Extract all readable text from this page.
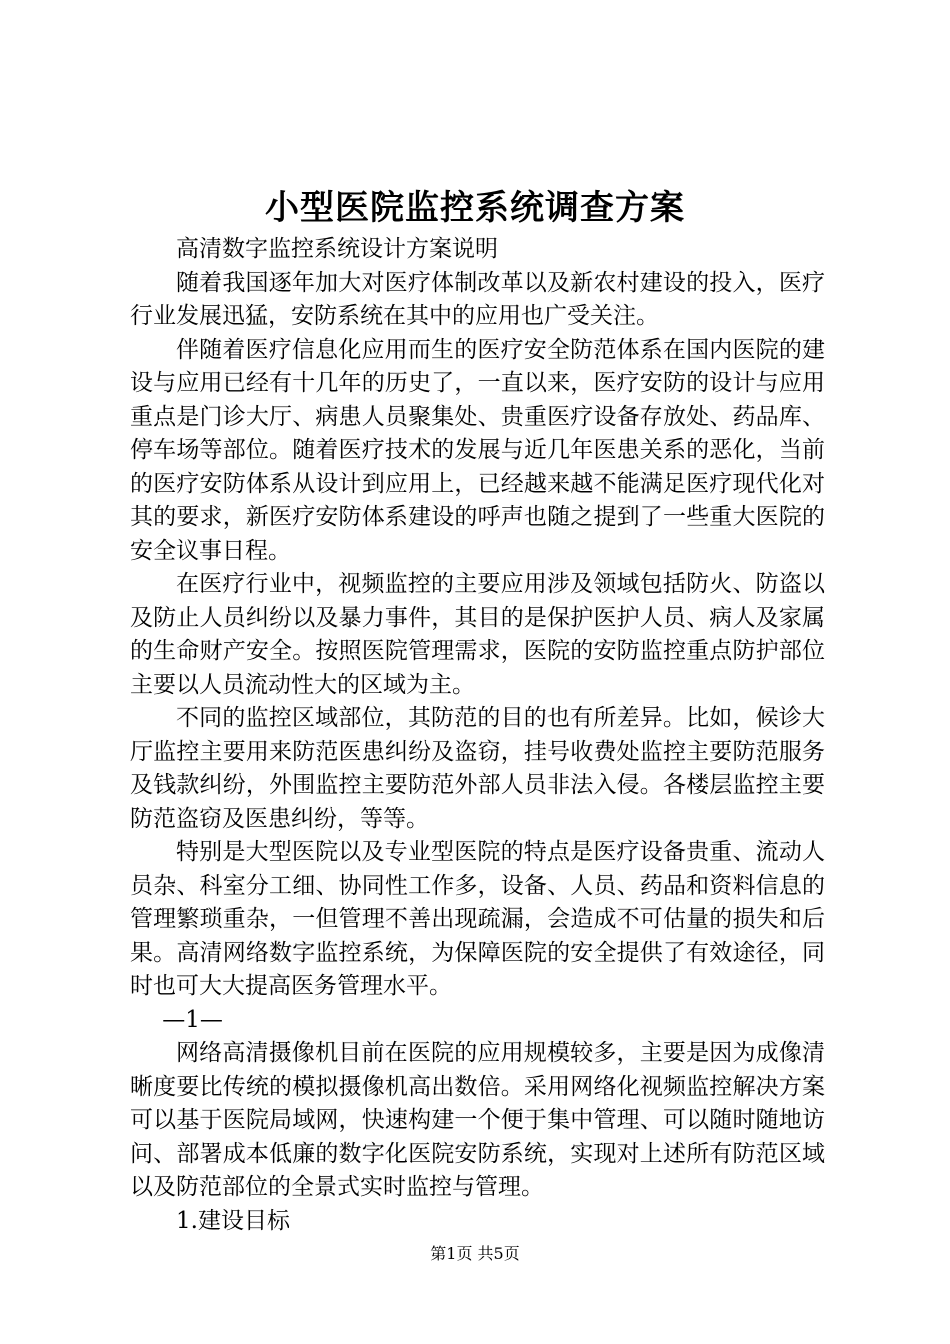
小型医院监控系统调查方案

高清数字监控系统设计方案说明

随着我国逐年加大对医疗体制改革以及新农村建设的投入，医疗行业发展迅猛，安防系统在其中的应用也广受关注。

伴随着医疗信息化应用而生的医疗安全防范体系在国内医院的建设与应用已经有十几年的历史了，一直以来，医疗安防的设计与应用重点是门诊大厅、病患人员聚集处、贵重医疗设备存放处、药品库、停车场等部位。随着医疗技术的发展与近几年医患关系的恶化，当前的医疗安防体系从设计到应用上，已经越来越不能满足医疗现代化对其的要求，新医疗安防体系建设的呼声也随之提到了一些重大医院的安全议事日程。

在医疗行业中，视频监控的主要应用涉及领域包括防火、防盗以及防止人员纠纷以及暴力事件，其目的是保护医护人员、病人及家属的生命财产安全。按照医院管理需求，医院的安防监控重点防护部位主要以人员流动性大的区域为主。

不同的监控区域部位，其防范的目的也有所差异。比如，候诊大厅监控主要用来防范医患纠纷及盗窃，挂号收费处监控主要防范服务及钱款纠纷，外围监控主要防范外部人员非法入侵。各楼层监控主要防范盗窃及医患纠纷，等等。

特别是大型医院以及专业型医院的特点是医疗设备贵重、流动人员杂、科室分工细、协同性工作多，设备、人员、药品和资料信息的管理繁琐重杂，一但管理不善出现疏漏，会造成不可估量的损失和后果。高清网络数字监控系统，为保障医院的安全提供了有效途径，同时也可大大提高医务管理水平。

—1—

网络高清摄像机目前在医院的应用规模较多，主要是因为成像清晰度要比传统的模拟摄像机高出数倍。采用网络化视频监控解决方案可以基于医院局域网，快速构建一个便于集中管理、可以随时随地访问、部署成本低廉的数字化医院安防系统，实现对上述所有防范区域以及防范部位的全景式实时监控与管理。

1.建设目标

第1页 共5页
